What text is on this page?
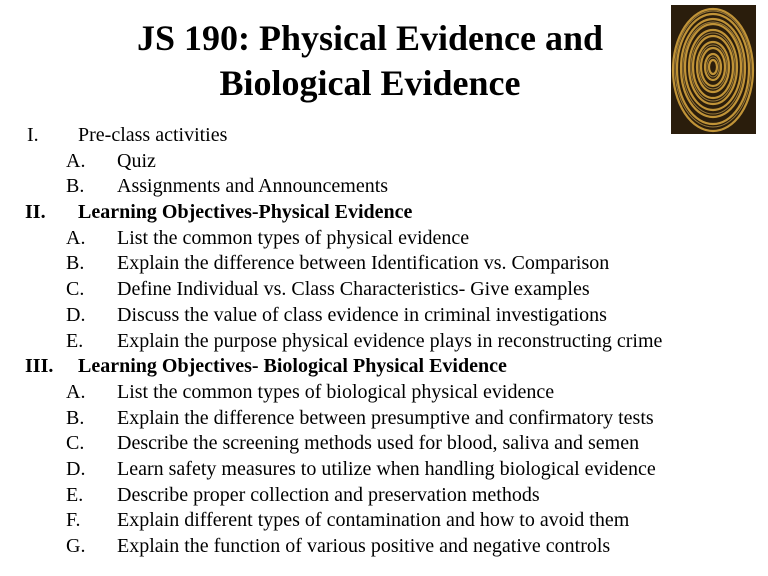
JS 190: Physical Evidence and
Biological Evidence
I. Pre-class activities
A. Quiz
B. Assignments and Announcements
II. Learning Objectives-Physical Evidence
A. List the common types of physical evidence
B. Explain the difference between Identification vs. Comparison
C. Define Individual vs. Class Characteristics- Give examples
D. Discuss the value of class evidence in criminal investigations
E. Explain the purpose physical evidence plays in reconstructing crime
III. Learning Objectives- Biological Physical Evidence
A. List the common types of biological physical evidence
B. Explain the difference between presumptive and confirmatory tests
C. Describe the screening methods used for blood, saliva and semen
D. Learn safety measures to utilize when handling biological evidence
E. Describe proper collection and preservation methods
F. Explain different types of contamination and how to avoid them
G. Explain the function of various positive and negative controls
